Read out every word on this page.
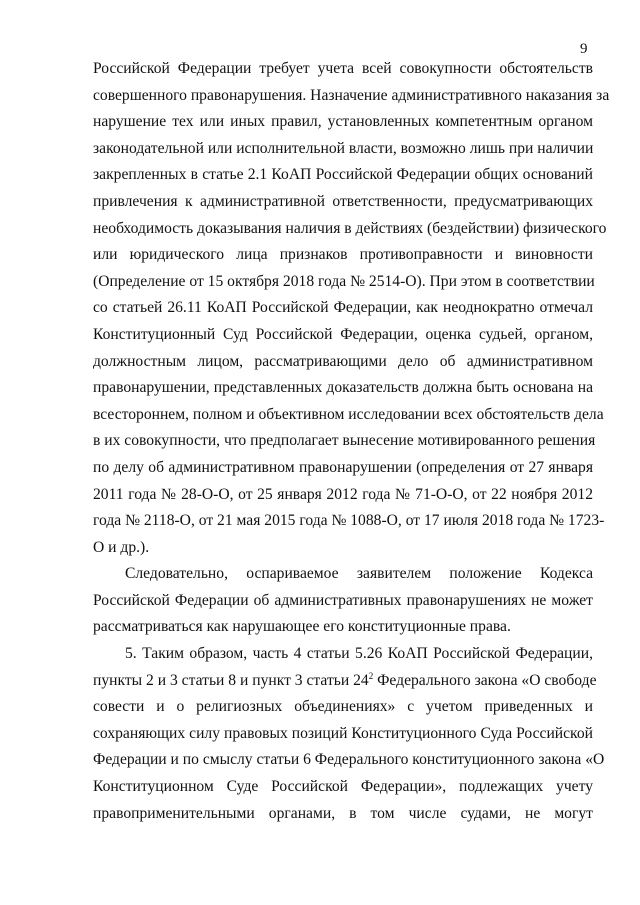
9
Российской Федерации требует учета всей совокупности обстоятельств
совершенного правонарушения. Назначение административного наказания за
нарушение тех или иных правил, установленных компетентным органом
законодательной или исполнительной власти, возможно лишь при наличии
закрепленных в статье 2.1 КоАП Российской Федерации общих оснований
привлечения к административной ответственности, предусматривающих
необходимость доказывания наличия в действиях (бездействии) физического
или юридического лица признаков противоправности и виновности
(Определение от 15 октября 2018 года № 2514-О). При этом в соответствии
со статьей 26.11 КоАП Российской Федерации, как неоднократно отмечал
Конституционный Суд Российской Федерации, оценка судьей, органом,
должностным лицом, рассматривающими дело об административном
правонарушении, представленных доказательств должна быть основана на
всестороннем, полном и объективном исследовании всех обстоятельств дела
в их совокупности, что предполагает вынесение мотивированного решения
по делу об административном правонарушении (определения от 27 января
2011 года № 28-О-О, от 25 января 2012 года № 71-О-О, от 22 ноября 2012
года № 2118-О, от 21 мая 2015 года № 1088-О, от 17 июля 2018 года № 1723-
О и др.).
Следовательно, оспариваемое заявителем положение Кодекса
Российской Федерации об административных правонарушениях не может
рассматриваться как нарушающее его конституционные права.
5. Таким образом, часть 4 статьи 5.26 КоАП Российской Федерации,
пункты 2 и 3 статьи 8 и пункт 3 статьи $24^2$ Федерального закона «О свободе
совести и о религиозных объединениях» с учетом приведенных и
сохраняющих силу правовых позиций Конституционного Суда Российской
Федерации и по смыслу статьи 6 Федерального конституционного закона «О
Конституционном Суде Российской Федерации», подлежащих учету
правоприменительными органами, в том числе судами, не могут
